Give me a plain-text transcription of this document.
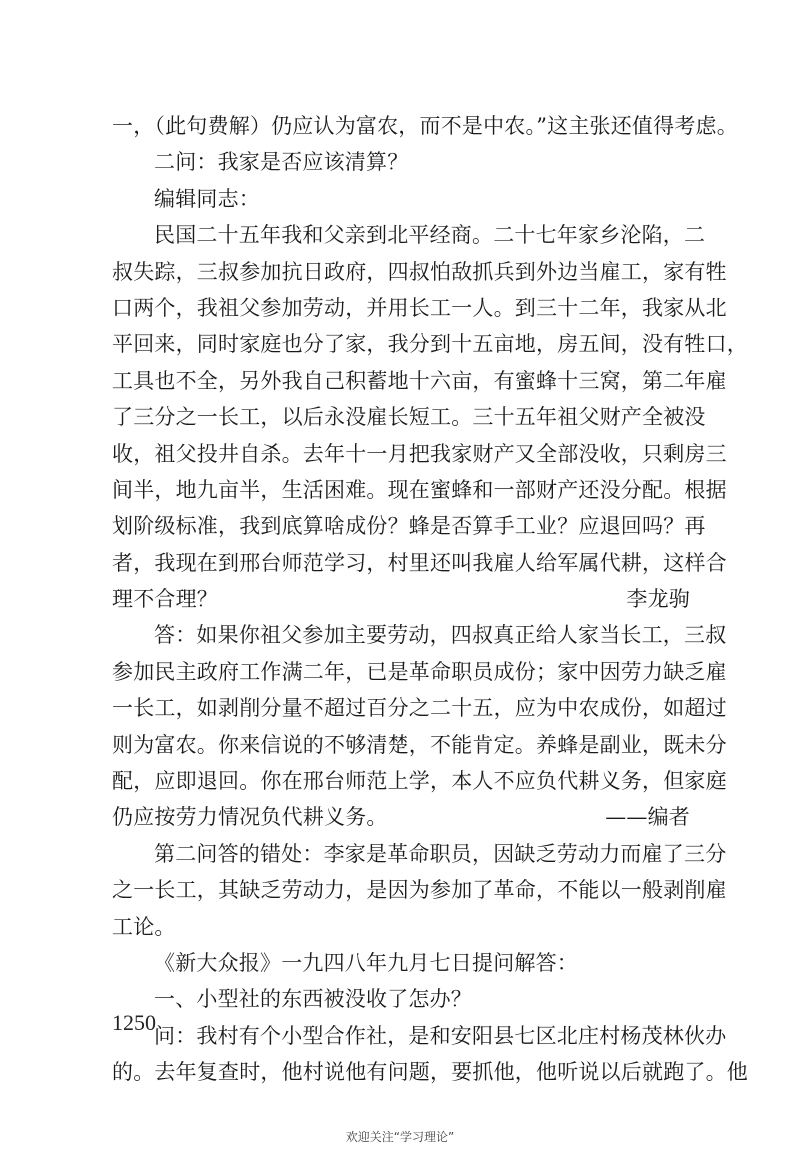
一，（此句费解）仍应认为富农，而不是中农。”这主张还值得考虑。
二问：我家是否应该清算？
编辑同志：
民国二十五年我和父亲到北平经商。二十七年家乡沦陷，二
叔失踪，三叔参加抗日政府，四叔怕敌抓兵到外边当雇工，家有牲
口两个，我祖父参加劳动，并用长工一人。到三十二年，我家从北
平回来，同时家庭也分了家，我分到十五亩地，房五间，没有牲口，
工具也不全，另外我自己积蓄地十六亩，有蜜蜂十三窝，第二年雇
了三分之一长工，以后永没雇长短工。三十五年祖父财产全被没
收，祖父投井自杀。去年十一月把我家财产又全部没收，只剩房三
间半，地九亩半，生活困难。现在蜜蜂和一部财产还没分配。根据
划阶级标准，我到底算啥成份？蜂是否算手工业？应退回吗？再
者，我现在到邢台师范学习，村里还叫我雇人给军属代耕，这样合
理不合理？	李龙驹
答：如果你祖父参加主要劳动，四叔真正给人家当长工，三叔
参加民主政府工作满二年，已是革命职员成份；家中因劳力缺乏雇
一长工，如剥削分量不超过百分之二十五，应为中农成份，如超过
则为富农。你来信说的不够清楚，不能肯定。养蜂是副业，既未分
配，应即退回。你在邢台师范上学，本人不应负代耕义务，但家庭
仍应按劳力情况负代耕义务。	——编者
第二问答的错处：李家是革命职员，因缺乏劳动力而雇了三分
之一长工，其缺乏劳动力，是因为参加了革命，不能以一般剥削雇
工论。
《新大众报》一九四八年九月七日提问解答：
一、小型社的东西被没收了怎办？
问：我村有个小型合作社，是和安阳县七区北庄村杨茂林伙办
的。去年复查时，他村说他有问题，要抓他，他听说以后就跑了。他
1250
欢迎关注“学习理论”
